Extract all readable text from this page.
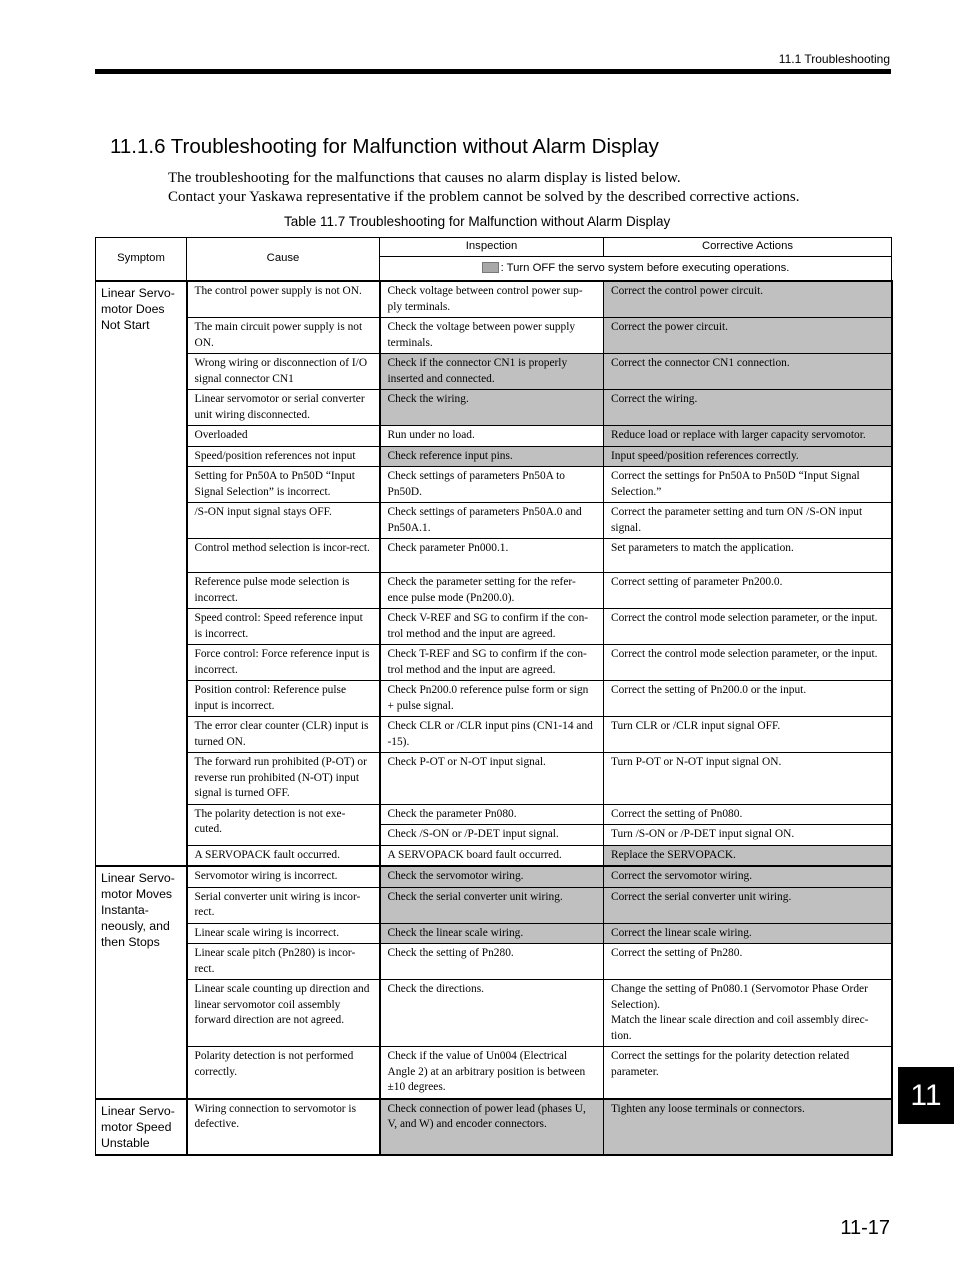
11.1 Troubleshooting
11.1.6 Troubleshooting for Malfunction without Alarm Display
The troubleshooting for the malfunctions that causes no alarm display is listed below.
Contact your Yaskawa representative if the problem cannot be solved by the described corrective actions.
Table 11.7 Troubleshooting for Malfunction without Alarm Display
Symptom	Cause	Inspection	Corrective Actions
		: Turn OFF the servo system before executing operations.	
Linear Servo-motor Does Not Start	The control power supply is not ON.	Check voltage between control power sup-ply terminals.	Correct the control power circuit.
	The main circuit power supply is not ON.	Check the voltage between power supply terminals.	Correct the power circuit.
	Wrong wiring or disconnection of I/O signal connector CN1	Check if the connector CN1 is properly inserted and connected.	Correct the connector CN1 connection.
	Linear servomotor or serial converter unit wiring disconnected.	Check the wiring.	Correct the wiring.
	Overloaded	Run under no load.	Reduce load or replace with larger capacity servomotor.
	Speed/position references not input	Check reference input pins.	Input speed/position references correctly.
	Setting for Pn50A to Pn50D “Input Signal Selection” is incorrect.	Check settings of parameters Pn50A to Pn50D.	Correct the settings for Pn50A to Pn50D “Input Signal Selection.”
	/S-ON input signal stays OFF.	Check settings of parameters Pn50A.0 and Pn50A.1.	Correct the parameter setting and turn ON /S-ON input signal.
	Control method selection is incor-rect.	Check parameter Pn000.1.	Set parameters to match the application.
	Reference pulse mode selection is incorrect.	Check the parameter setting for the refer-ence pulse mode (Pn200.0).	Correct setting of parameter Pn200.0.
	Speed control: Speed reference input is incorrect.	Check V-REF and SG to confirm if the con-trol method and the input are agreed.	Correct the control mode selection parameter, or the input.
	Force control: Force reference input is incorrect.	Check T-REF and SG to confirm if the con-trol method and the input are agreed.	Correct the control mode selection parameter, or the input.
	Position control: Reference pulse input is incorrect.	Check Pn200.0 reference pulse form or sign + pulse signal.	Correct the setting of Pn200.0 or the input.
	The error clear counter (CLR) input is turned ON.	Check CLR or /CLR input pins (CN1-14 and -15).	Turn CLR or /CLR input signal OFF.
	The forward run prohibited (P-OT) or reverse run prohibited (N-OT) input signal is turned OFF.	Check P-OT or N-OT input signal.	Turn P-OT or N-OT input signal ON.
	The polarity detection is not exe-cuted.	Check the parameter Pn080.	Correct the setting of Pn080.
		Check /S-ON or /P-DET input signal.	Turn /S-ON or /P-DET input signal ON.
	A SERVOPACK fault occurred.	A SERVOPACK board fault occurred.	Replace the SERVOPACK.
Linear Servo-motor Moves Instanta-neously, and then Stops	Servomotor wiring is incorrect.	Check the servomotor wiring.	Correct the servomotor wiring.
	Serial converter unit wiring is incor-rect.	Check the serial converter unit wiring.	Correct the serial converter unit wiring.
	Linear scale wiring is incorrect.	Check the linear scale wiring.	Correct the linear scale wiring.
	Linear scale pitch (Pn280) is incor-rect.	Check the setting of Pn280.	Correct the setting of Pn280.
	Linear scale counting up direction and linear servomotor coil assembly forward direction are not agreed.	Check the directions.	Change the setting of Pn080.1 (Servomotor Phase Order Selection).
Match the linear scale direction and coil assembly direc-tion.

	Polarity detection is not performed correctly.	Check if the value of Un004 (Electrical Angle 2) at an arbitrary position is between ±10 degrees.	Correct the settings for the polarity detection related parameter.
Linear Servo-motor Speed Unstable	Wiring connection to servomotor is defective.	Check connection of power lead (phases U, V, and W) and encoder connectors.	Tighten any loose terminals or connectors.	11
11-17
